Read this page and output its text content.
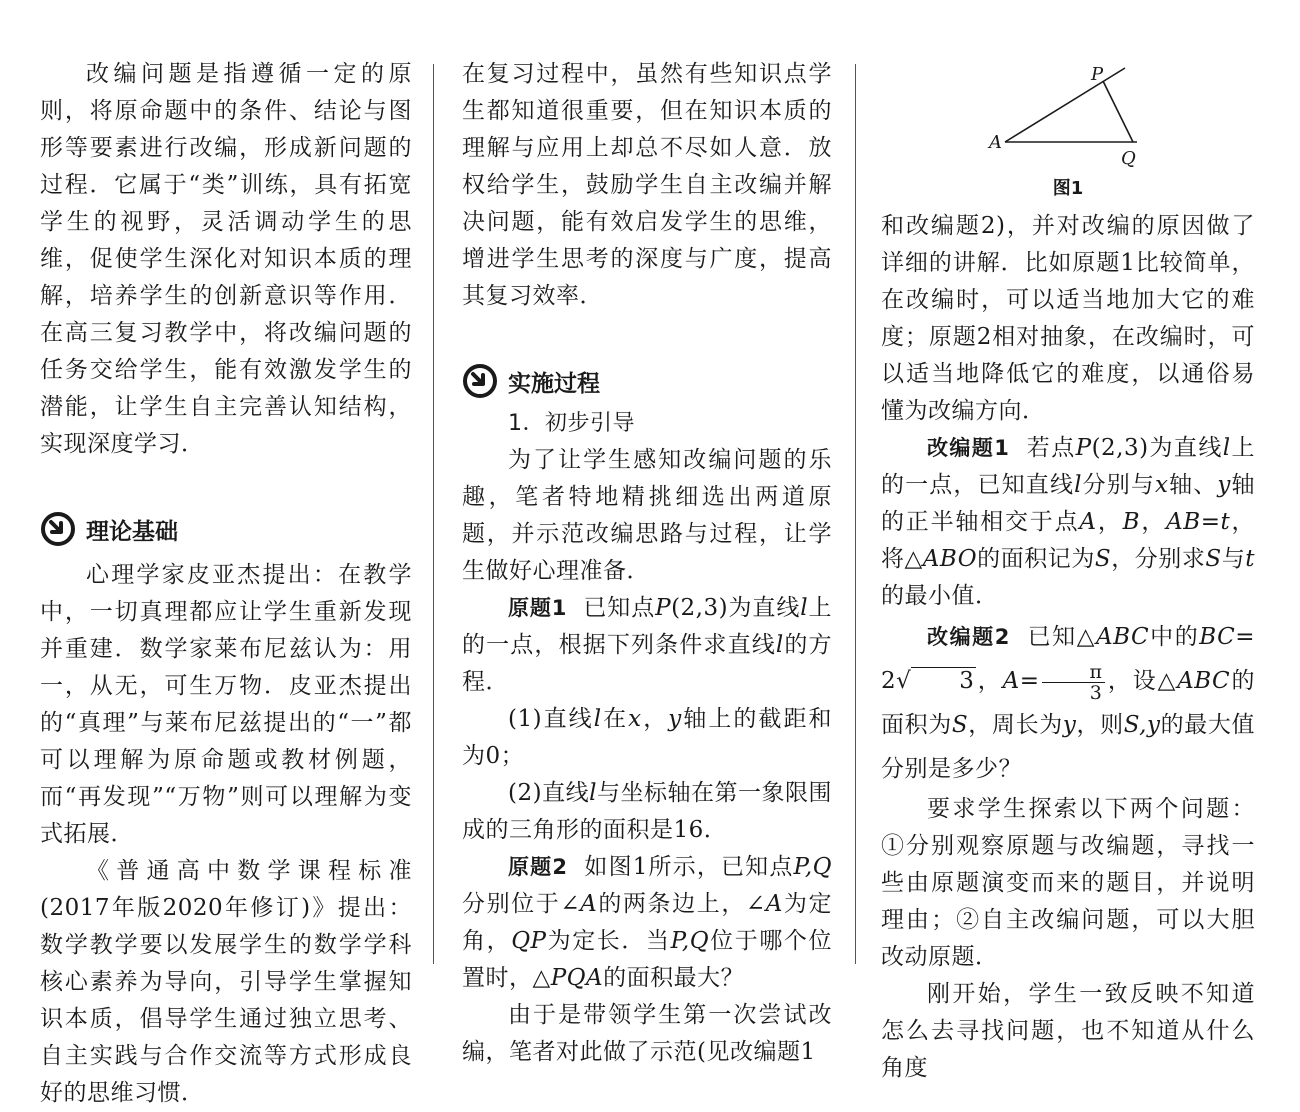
改编问题是指遵循一定的原则，将原命题中的条件、结论与图形等要素进行改编，形成新问题的过程．它属于“类”训练，具有拓宽学生的视野，灵活调动学生的思维，促使学生深化对知识本质的理解，培养学生的创新意识等作用．在高三复习教学中，将改编问题的任务交给学生，能有效激发学生的潜能，让学生自主完善认知结构，实现深度学习．

理论基础

心理学家皮亚杰提出：在教学中，一切真理都应让学生重新发现并重建．数学家莱布尼兹认为：用一，从无，可生万物．皮亚杰提出的“真理”与莱布尼兹提出的“一”都可以理解为原命题或教材例题，而“再发现”“万物”则可以理解为变式拓展．

《普通高中数学课程标准(2017年版2020年修订)》提出：数学教学要以发展学生的数学学科核心素养为导向，引导学生掌握知识本质，倡导学生通过独立思考、自主实践与合作交流等方式形成良好的思维习惯．

在复习过程中，虽然有些知识点学生都知道很重要，但在知识本质的理解与应用上却总不尽如人意．放权给学生，鼓励学生自主改编并解决问题，能有效启发学生的思维，增进学生思考的深度与广度，提高其复习效率．

实施过程

1．初步引导

为了让学生感知改编问题的乐趣，笔者特地精挑细选出两道原题，并示范改编思路与过程，让学生做好心理准备．

原题1 已知点P(2,3)为直线l上的一点，根据下列条件求直线l的方程．

(1)直线l在x，y轴上的截距和为0；

(2)直线l与坐标轴在第一象限围成的三角形的面积是16．

原题2 如图1所示，已知点P,Q分别位于∠A的两条边上，∠A为定角，QP为定长．当P,Q位于哪个位置时，△PQA的面积最大？

由于是带领学生第一次尝试改编，笔者对此做了示范(见改编题1

P
A
Q
图1

和改编题2)，并对改编的原因做了详细的讲解．比如原题1比较简单，在改编时，可以适当地加大它的难度；原题2相对抽象，在改编时，可以适当地降低它的难度，以通俗易懂为改编方向．

改编题1 若点P(2,3)为直线l上的一点，已知直线l分别与x轴、y轴的正半轴相交于点A，B，AB=t，将△ABO的面积记为S，分别求S与t的最小值．

改编题2 已知△ABC中的BC= 2√ 3，$A= \frac{\pi}{3}$ ，设△ABC的面积为S，周长为y，则S,y的最大值分别是多少？

要求学生探索以下两个问题：①分别观察原题与改编题，寻找一些由原题演变而来的题目，并说明理由；②自主改编问题，可以大胆改动原题．

刚开始，学生一致反映不知道怎么去寻找问题，也不知道从什么角度
